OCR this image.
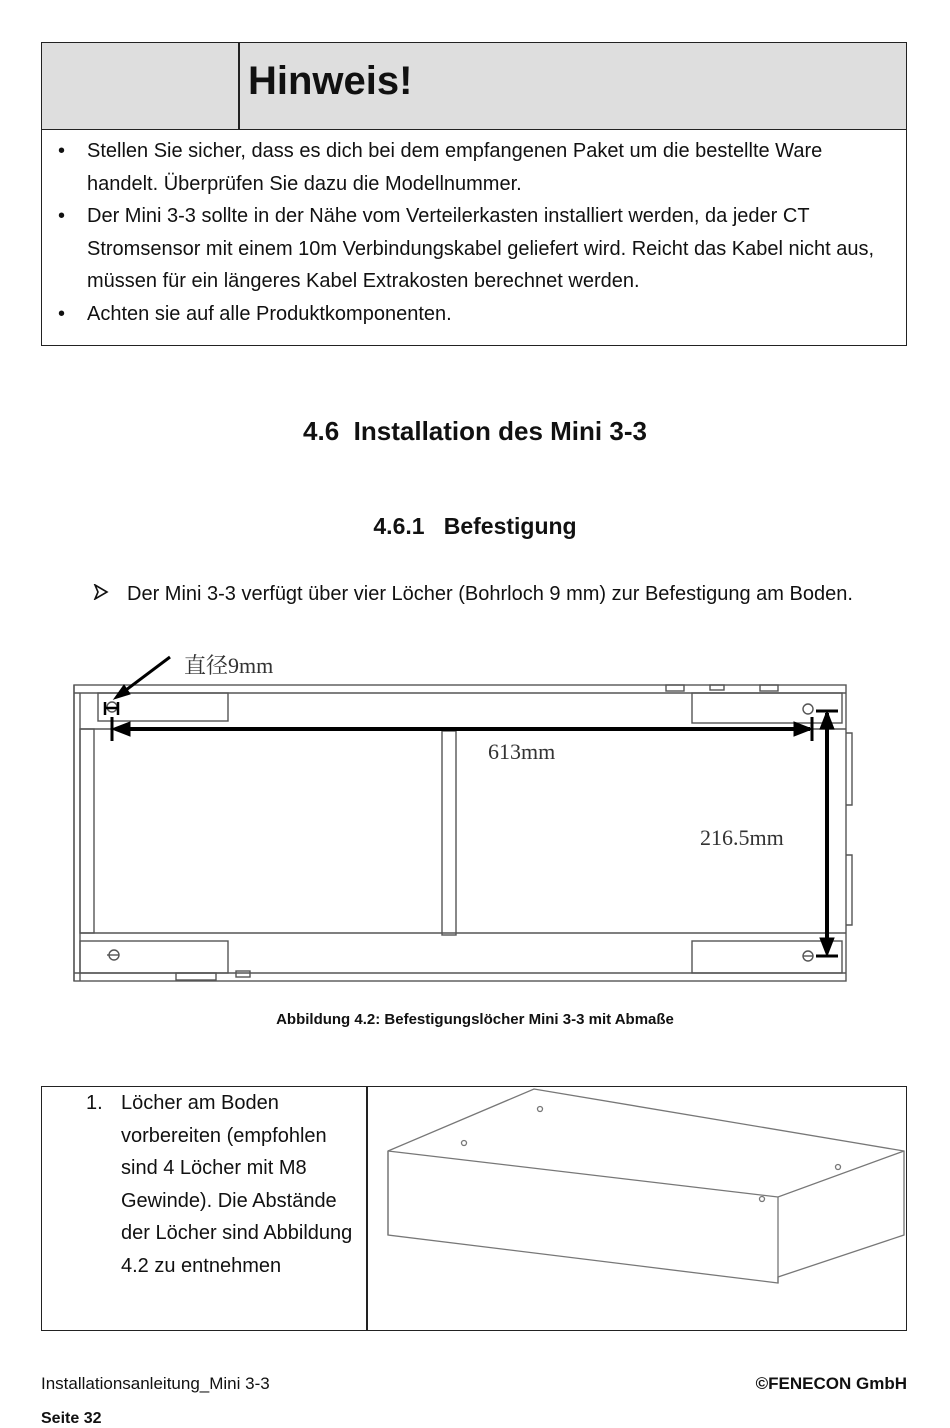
Hinweis!
• Stellen Sie sicher, dass es dich bei dem empfangenen Paket um die bestellte Ware handelt. Überprüfen Sie dazu die Modellnummer.
• Der Mini 3-3 sollte in der Nähe vom Verteilerkasten installiert werden, da jeder CT Stromsensor mit einem 10m Verbindungskabel geliefert wird. Reicht das Kabel nicht aus, müssen für ein längeres Kabel Extrakosten berechnet werden.
• Achten sie auf alle Produktkomponenten.
4.6 Installation des Mini 3-3
4.6.1 Befestigung
Der Mini 3-3 verfügt über vier Löcher (Bohrloch 9 mm) zur Befestigung am Boden.
直径9mm
613mm
216.5mm
Abbildung 4.2: Befestigungslöcher Mini 3-3 mit Abmaße
1. Löcher am Boden vorbereiten (empfohlen sind 4 Löcher mit M8 Gewinde). Die Abstände der Löcher sind Abbildung 4.2 zu entnehmen
Installationsanleitung_Mini 3-3	©FENECON GmbH
Seite 32
